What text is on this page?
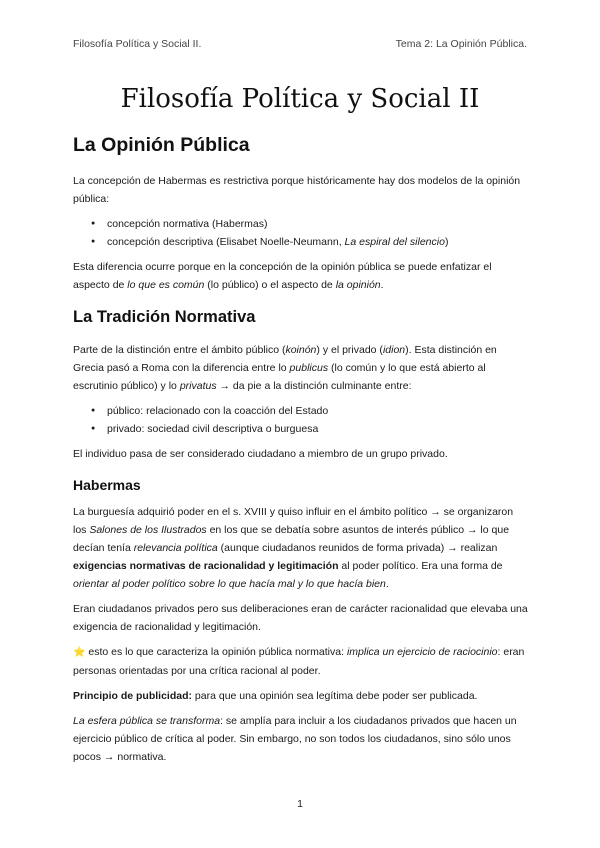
Filosofía Política y Social II.	Tema 2: La Opinión Pública.
Filosofía Política y Social II
La Opinión Pública

La concepción de Habermas es restrictiva porque históricamente hay dos modelos de la opinión pública:

● concepción normativa (Habermas)
● concepción descriptiva (Elisabet Noelle-Neumann, La espiral del silencio)

Esta diferencia ocurre porque en la concepción de la opinión pública se puede enfatizar el aspecto de lo que es común (lo público) o el aspecto de la opinión.

La Tradición Normativa

Parte de la distinción entre el ámbito público (koinón) y el privado (idion). Esta distinción en Grecia pasó a Roma con la diferencia entre lo publicus (lo común y lo que está abierto al escrutinio público) y lo privatus → da pie a la distinción culminante entre:

● público: relacionado con la coacción del Estado
● privado: sociedad civil descriptiva o burguesa

El individuo pasa de ser considerado ciudadano a miembro de un grupo privado.

Habermas

La burguesía adquirió poder en el s. XVIII y quiso influir en el ámbito político → se organizaron los Salones de los Ilustrados en los que se debatía sobre asuntos de interés público → lo que decían tenía relevancia política (aunque ciudadanos reunidos de forma privada) → realizan exigencias normativas de racionalidad y legitimación al poder político. Era una forma de orientar al poder político sobre lo que hacía mal y lo que hacía bien.

Eran ciudadanos privados pero sus deliberaciones eran de carácter racionalidad que elevaba una exigencia de racionalidad y legitimación.

⭐ esto es lo que caracteriza la opinión pública normativa: implica un ejercicio de raciocinio: eran personas orientadas por una crítica racional al poder.

Principio de publicidad: para que una opinión sea legítima debe poder ser publicada.

La esfera pública se transforma: se amplía para incluir a los ciudadanos privados que hacen un ejercicio público de crítica al poder. Sin embargo, no son todos los ciudadanos, sino sólo unos pocos → normativa.

1
